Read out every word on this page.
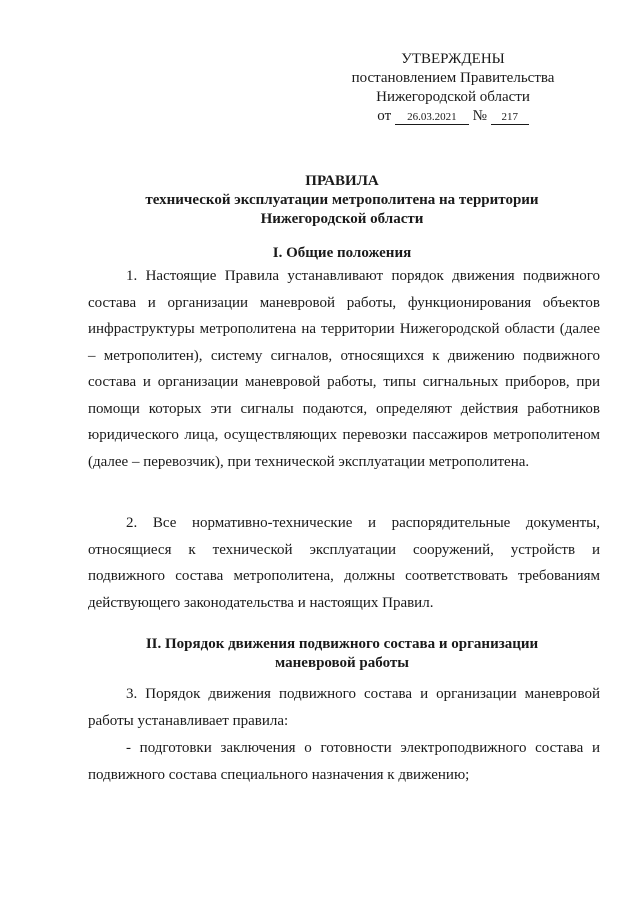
УТВЕРЖДЕНЫ
постановлением Правительства
Нижегородской области
от 26.03.2021 № 217
ПРАВИЛА
технической эксплуатации метрополитена на территории
Нижегородской области
I. Общие положения

1. Настоящие Правила устанавливают порядок движения подвижного состава и организации маневровой работы, функционирования объектов инфраструктуры метрополитена на территории Нижегородской области (далее – метрополитен), систему сигналов, относящихся к движению подвижного состава и организации маневровой работы, типы сигнальных приборов, при помощи которых эти сигналы подаются, определяют действия работников юридического лица, осуществляющих перевозки пассажиров метрополитеном (далее – перевозчик), при технической эксплуатации метрополитена.

2. Все нормативно-технические и распорядительные документы, относящиеся к технической эксплуатации сооружений, устройств и подвижного состава метрополитена, должны соответствовать требованиям действующего законодательства и настоящих Правил.

II. Порядок движения подвижного состава и организации
маневровой работы

3. Порядок движения подвижного состава и организации маневровой работы устанавливает правила:

- подготовки заключения о готовности электроподвижного состава и подвижного состава специального назначения к движению;
